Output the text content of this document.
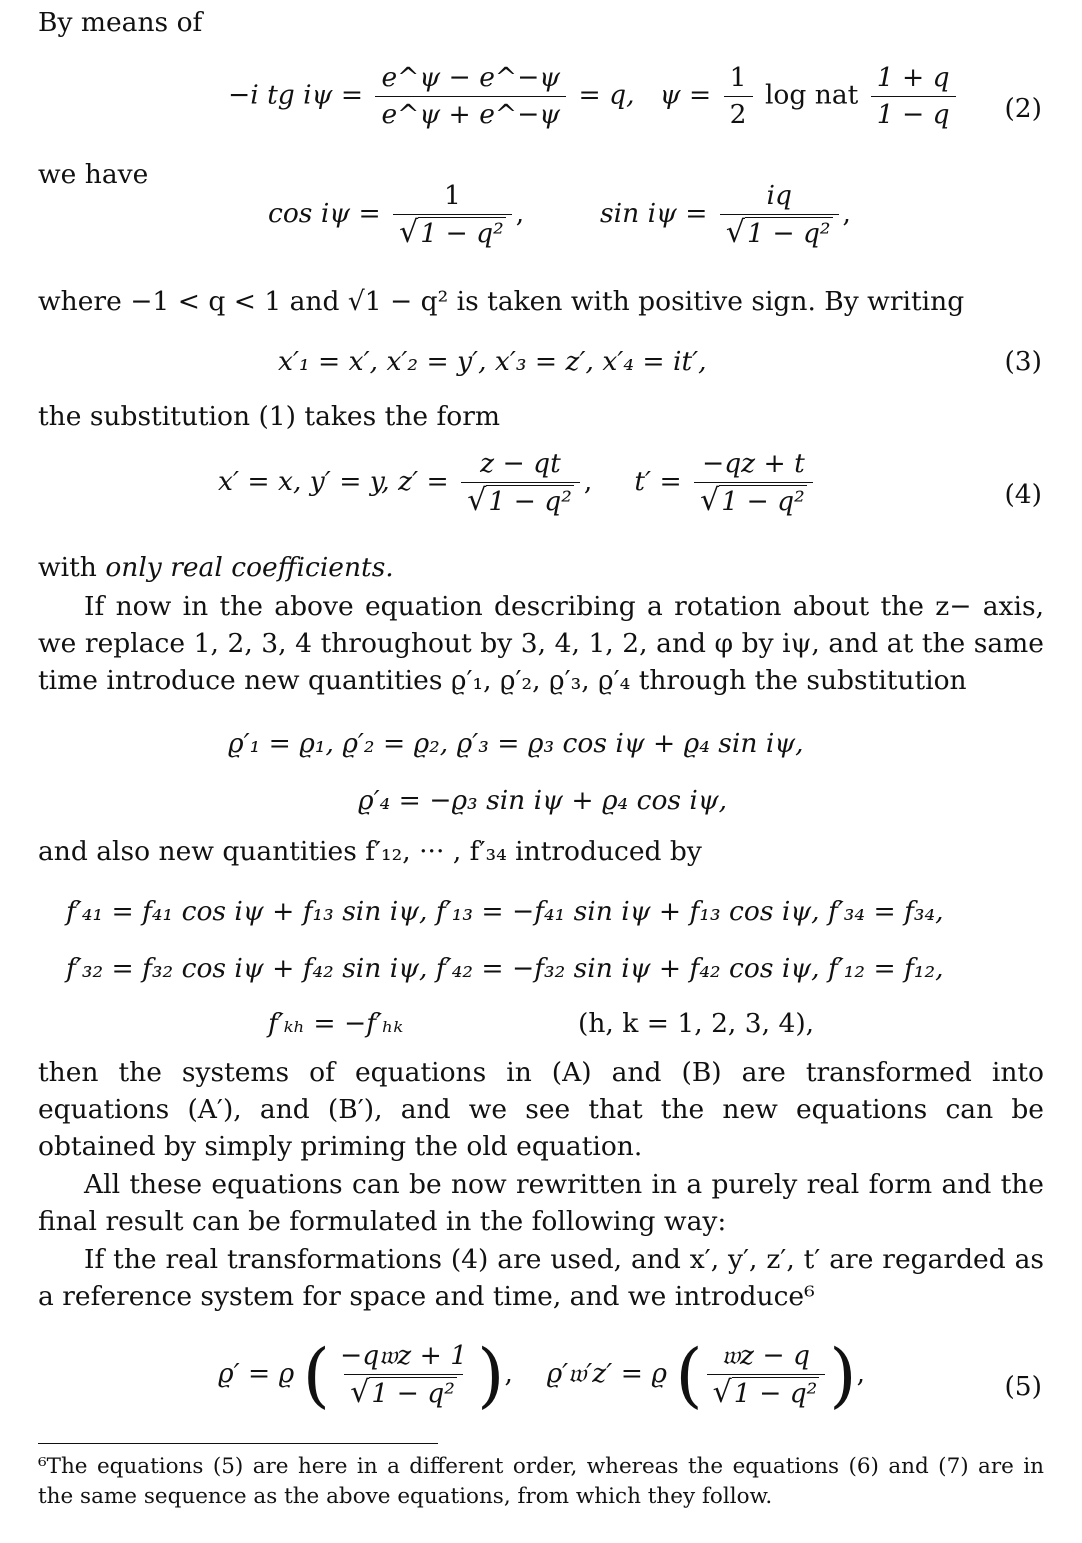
By means of
−i tg $i\psi = \frac{e\^{}\psi - e\^{}-\psi}{e\^{}\psi + e\^{}-\psi} = q$, $\psi = \frac{1}{2}$ log nat $\frac{1 + q}{1 - q} (2)$
we have
$\cos i\psi = \frac{1}{\text{√1 − q²}}$ ,	$\sin i\psi = \frac{iq}{\text{√1 − q²}}$ ,
where −1 < q < 1 and √1 − q² is taken with positive sign. By writing
x′₁ = x′, x′₂ = y′, x′₃ = z′, x′₄ = it′,	(3)
the substitution (1) takes the form
x′ = x, y′ = y, $z' = \frac{z - qt}{\text{√1 − q²}}$ ,     $t' = \frac{-qz + t}{\text{√1 − q²}}$	(4)
with only real coefficients.
If now in the above equation describing a rotation about the z− axis, we replace 1, 2, 3, 4 throughout by 3, 4, 1, 2, and φ by iψ, and at the same time introduce new quantities ϱ′₁, ϱ′₂, ϱ′₃, ϱ′₄ through the substitution
ϱ′₁ = ϱ₁, ϱ′₂ = ϱ₂, ϱ′₃ = ϱ₃ cos iψ + ϱ₄ sin iψ,
ϱ′₄ = −ϱ₃ sin iψ + ϱ₄ cos iψ,
and also new quantities f′₁₂, ··· , f′₃₄ introduced by
f′₄₁ = f₄₁ cos iψ + f₁₃ sin iψ, f′₁₃ = −f₄₁ sin iψ + f₁₃ cos iψ, f′₃₄ = f₃₄,
f′₃₂ = f₃₂ cos iψ + f₄₂ sin iψ, f′₄₂ = −f₃₂ sin iψ + f₄₂ cos iψ, f′₁₂ = f₁₂,
f′ₖₕ = −f′ₕₖ	(h, k = 1, 2, 3, 4),
then the systems of equations in (A) and (B) are transformed into equations (A′), and (B′), and we see that the new equations can be obtained by simply priming the old equation.
All these equations can be now rewritten in a purely real form and the final result can be formulated in the following way:
If the real transformations (4) are used, and x′, y′, z′, t′ are regarded as a reference system for space and time, and we introduce⁶
ϱ′ = ϱ ( $\frac{\text{−q𝔴z + 1}}{\text{√1 − q²}}$ ), ϱ′𝔴′z′ = ϱ ( $\frac{\text{𝔴z − q}}{\text{√1 − q²}}$ ),	(5)
⁶The equations (5) are here in a different order, whereas the equations (6) and (7) are in the same sequence as the above equations, from which they follow.
